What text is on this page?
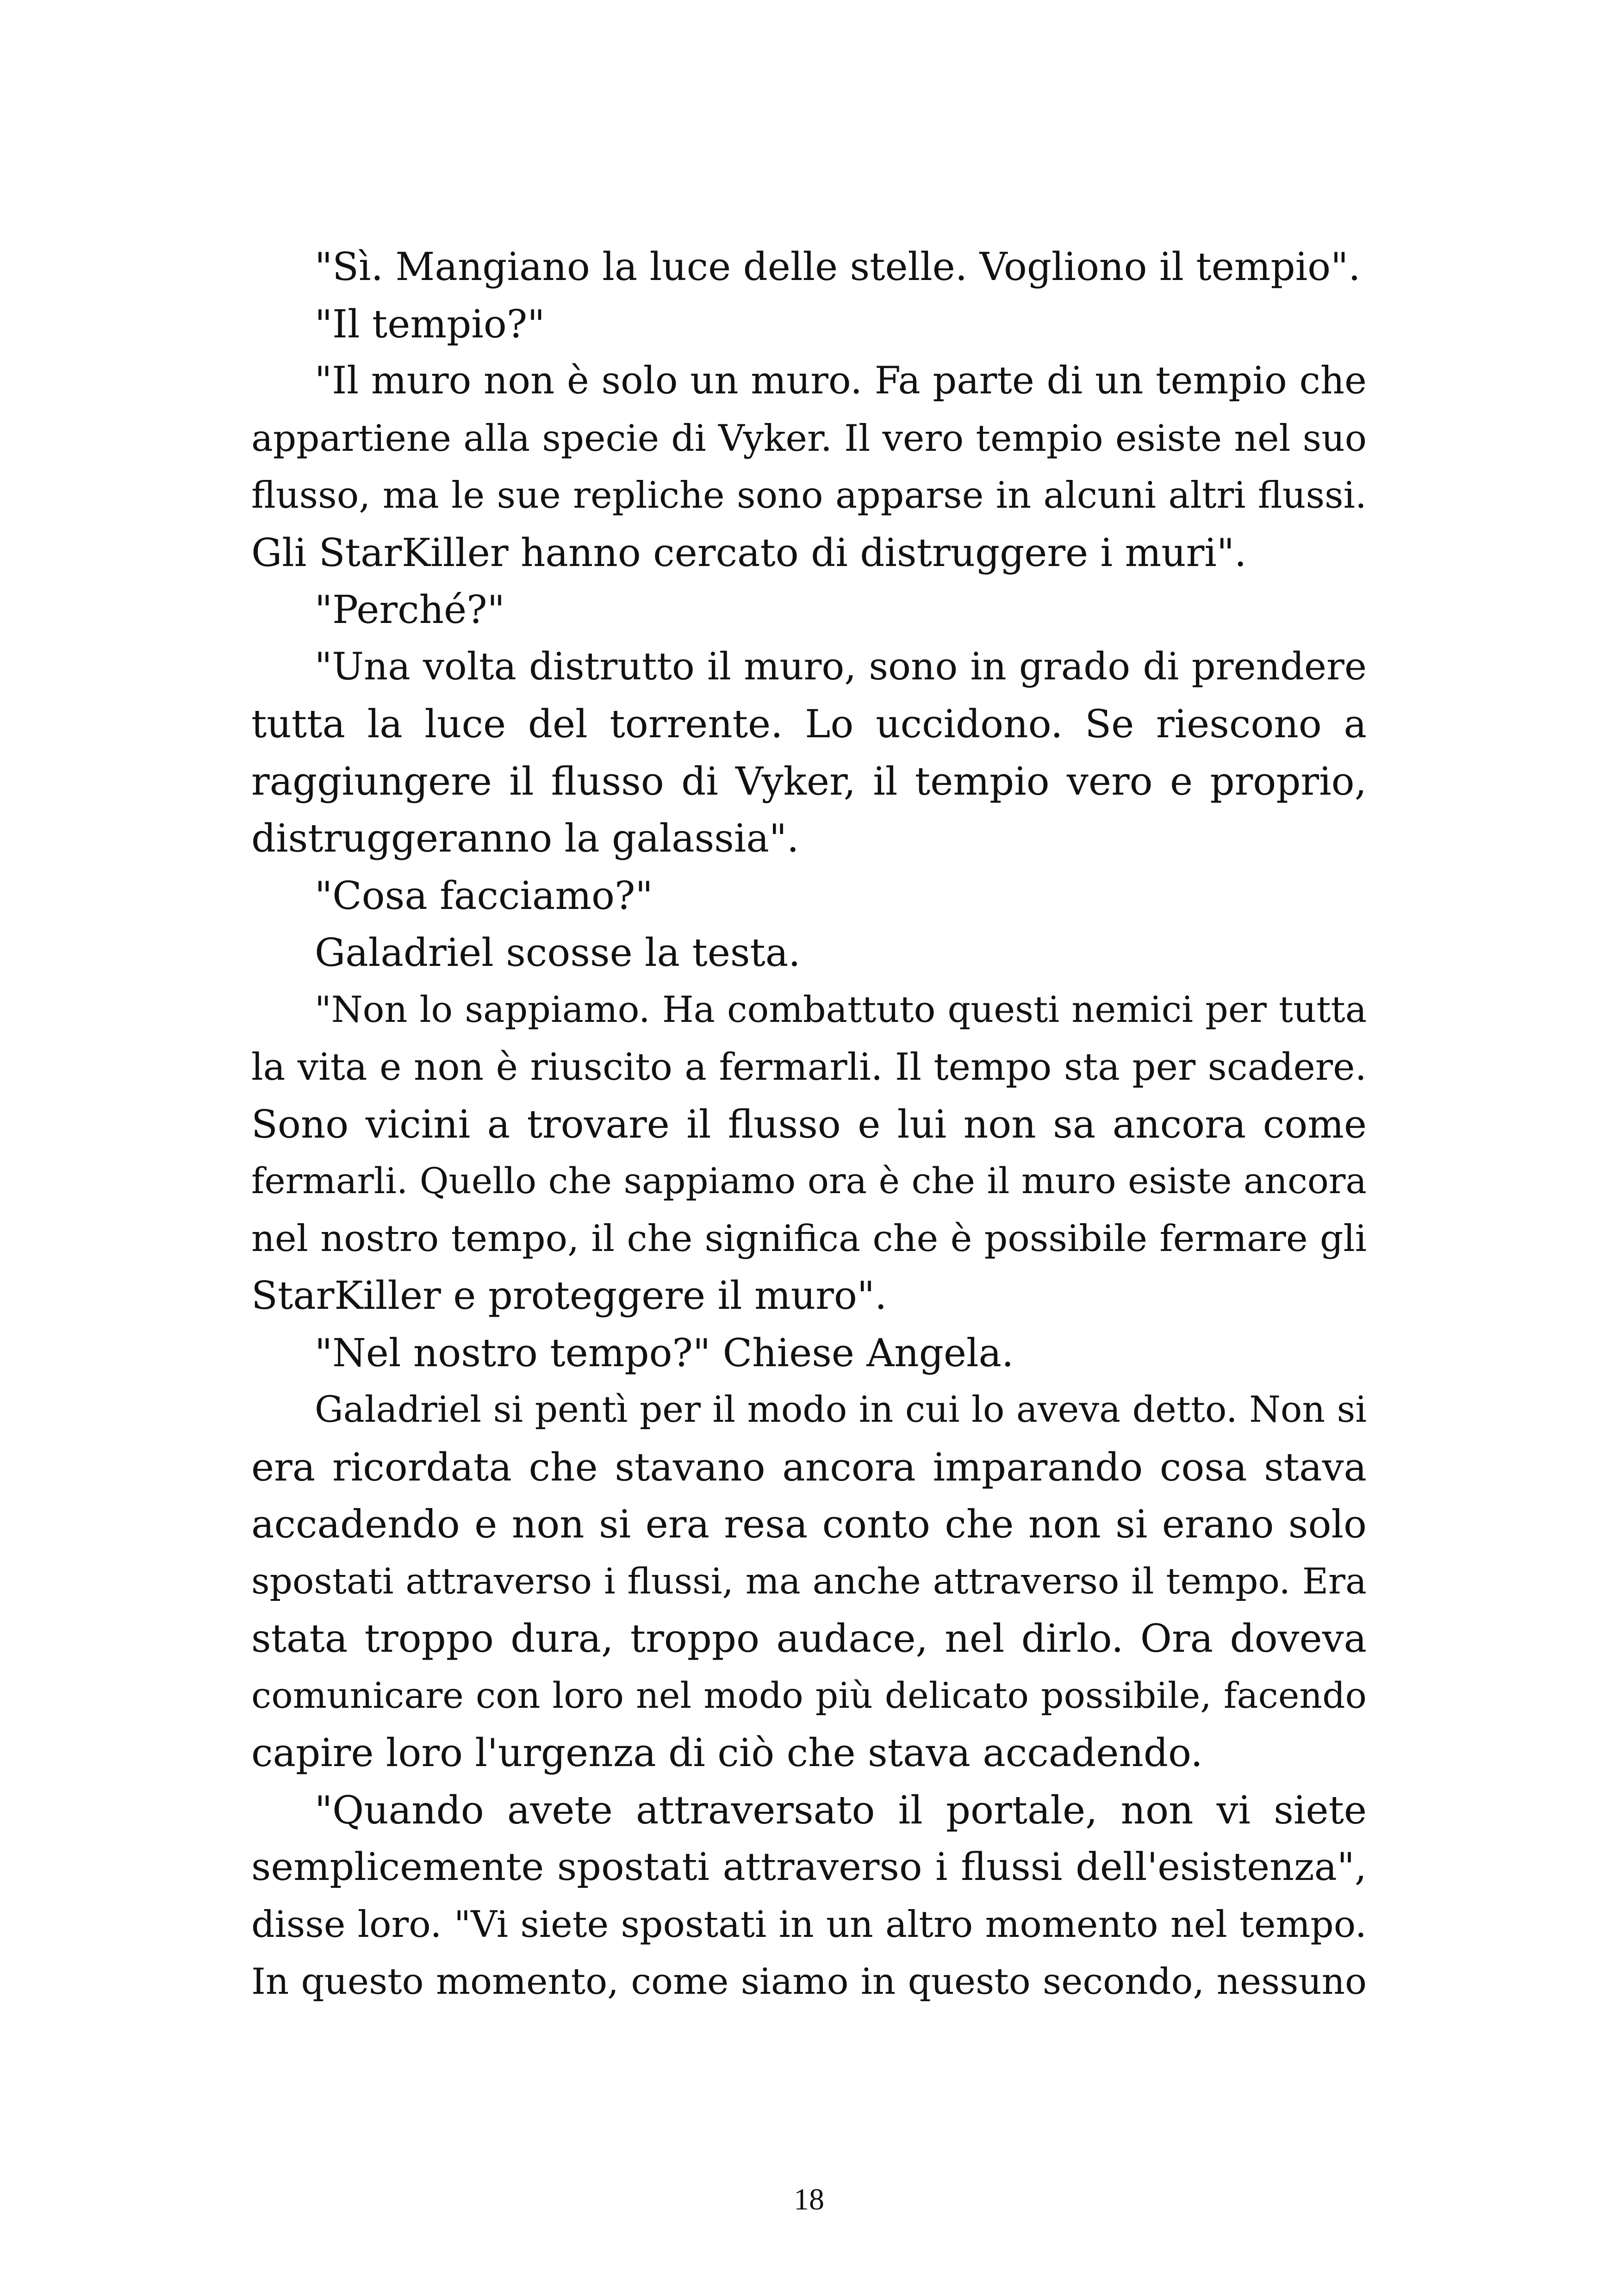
"Sì. Mangiano la luce delle stelle. Vogliono il tempio".

"Il tempio?"

"Il muro non è solo un muro. Fa parte di un tempio che

appartiene alla specie di Vyker. Il vero tempio esiste nel suo

flusso, ma le sue repliche sono apparse in alcuni altri flussi.

Gli StarKiller hanno cercato di distruggere i muri".

"Perché?"

"Una volta distrutto il muro, sono in grado di prendere

tutta la luce del torrente. Lo uccidono. Se riescono a

raggiungere il flusso di Vyker, il tempio vero e proprio,

distruggeranno la galassia".

"Cosa facciamo?"

Galadriel scosse la testa.

"Non lo sappiamo. Ha combattuto questi nemici per tutta

la vita e non è riuscito a fermarli. Il tempo sta per scadere.

Sono vicini a trovare il flusso e lui non sa ancora come

fermarli. Quello che sappiamo ora è che il muro esiste ancora

nel nostro tempo, il che significa che è possibile fermare gli

StarKiller e proteggere il muro".

"Nel nostro tempo?" Chiese Angela.

Galadriel si pentì per il modo in cui lo aveva detto. Non si

era ricordata che stavano ancora imparando cosa stava

accadendo e non si era resa conto che non si erano solo

spostati attraverso i flussi, ma anche attraverso il tempo. Era

stata troppo dura, troppo audace, nel dirlo. Ora doveva

comunicare con loro nel modo più delicato possibile, facendo

capire loro l'urgenza di ciò che stava accadendo.

"Quando avete attraversato il portale, non vi siete

semplicemente spostati attraverso i flussi dell'esistenza",

disse loro. "Vi siete spostati in un altro momento nel tempo.

In questo momento, come siamo in questo secondo, nessuno

18
